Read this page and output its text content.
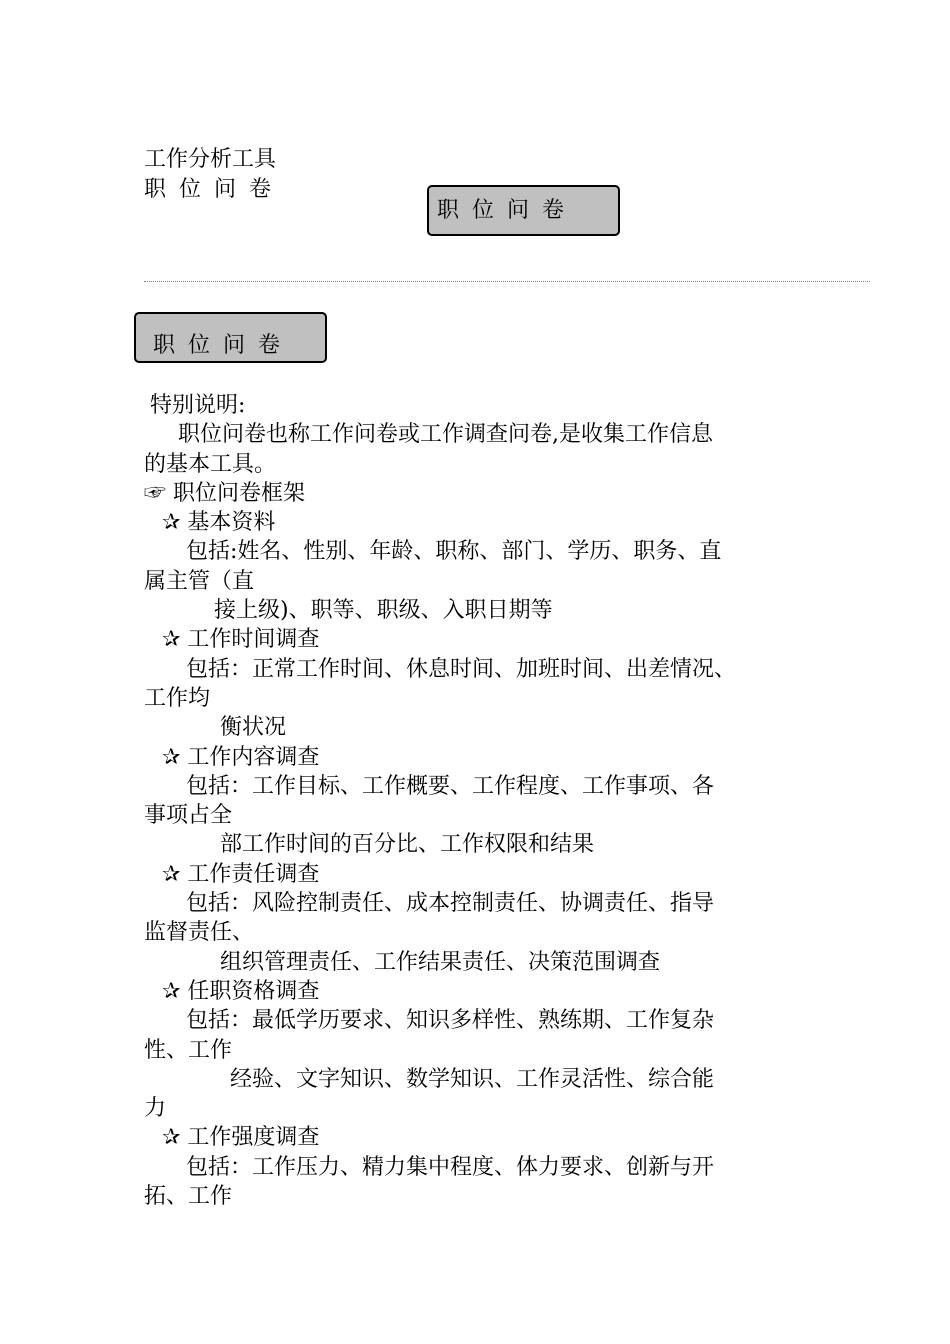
工作分析工具

职位问卷

职位问卷
职位问卷
特别说明:
职位问卷也称工作问卷或工作调查问卷,是收集工作信息
的基本工具。
☞ 职位问卷框架
✰ 基本资料
包括:姓名、性别、年龄、职称、部门、学历、职务、直
属主管（直
接上级)、职等、职级、入职日期等
✰ 工作时间调查
包括：正常工作时间、休息时间、加班时间、出差情况、
工作均
衡状况
✰ 工作内容调查
包括：工作目标、工作概要、工作程度、工作事项、各
事项占全
部工作时间的百分比、工作权限和结果
✰ 工作责任调查
包括：风险控制责任、成本控制责任、协调责任、指导
监督责任、
组织管理责任、工作结果责任、决策范围调查
✰ 任职资格调查
包括：最低学历要求、知识多样性、熟练期、工作复杂
性、工作
经验、文字知识、数学知识、工作灵活性、综合能
力
✰ 工作强度调查
包括：工作压力、精力集中程度、体力要求、创新与开
拓、工作
